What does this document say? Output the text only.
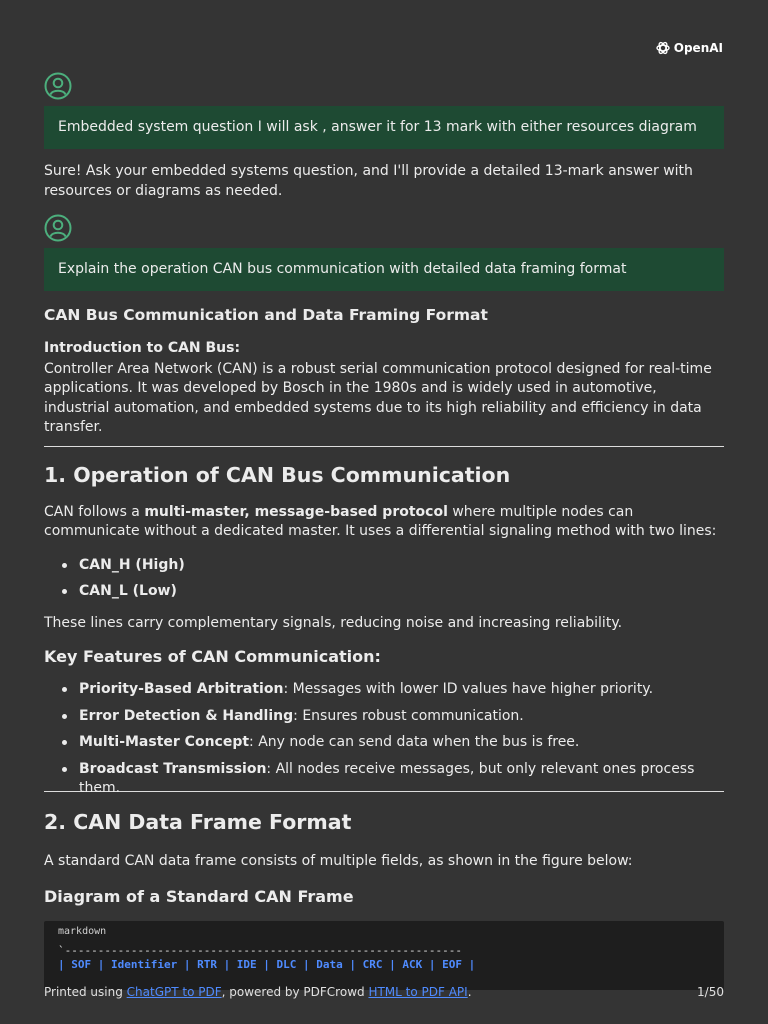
OpenAI
Embedded system question I will ask , answer it for 13 mark with either resources diagram

Sure! Ask your embedded systems question, and I'll provide a detailed 13-mark answer with resources or diagrams as needed.

Explain the operation CAN bus communication with detailed data framing format
CAN Bus Communication and Data Framing Format
Introduction to CAN Bus:

Controller Area Network (CAN) is a robust serial communication protocol designed for real-time applications. It was developed by Bosch in the 1980s and is widely used in automotive, industrial automation, and embedded systems due to its high reliability and efficiency in data transfer.

1. Operation of CAN Bus Communication

CAN follows a multi-master, message-based protocol where multiple nodes can communicate without a dedicated master. It uses a differential signaling method with two lines:

CAN_H (High)
CAN_L (Low)

These lines carry complementary signals, reducing noise and increasing reliability.

Key Features of CAN Communication:
Priority-Based Arbitration: Messages with lower ID values have higher priority.
Error Detection & Handling: Ensures robust communication.
Multi-Master Concept: Any node can send data when the bus is free.
Broadcast Transmission: All nodes receive messages, but only relevant ones process them.
2. CAN Data Frame Format

A standard CAN data frame consists of multiple fields, as shown in the figure below:

Diagram of a Standard CAN Frame
markdown
`------------------------------------------------------------
| SOF | Identifier | RTR | IDE | DLC | Data | CRC | ACK | EOF |
Printed using ChatGPT to PDF, powered by PDFCrowd HTML to PDF API.	1/50
